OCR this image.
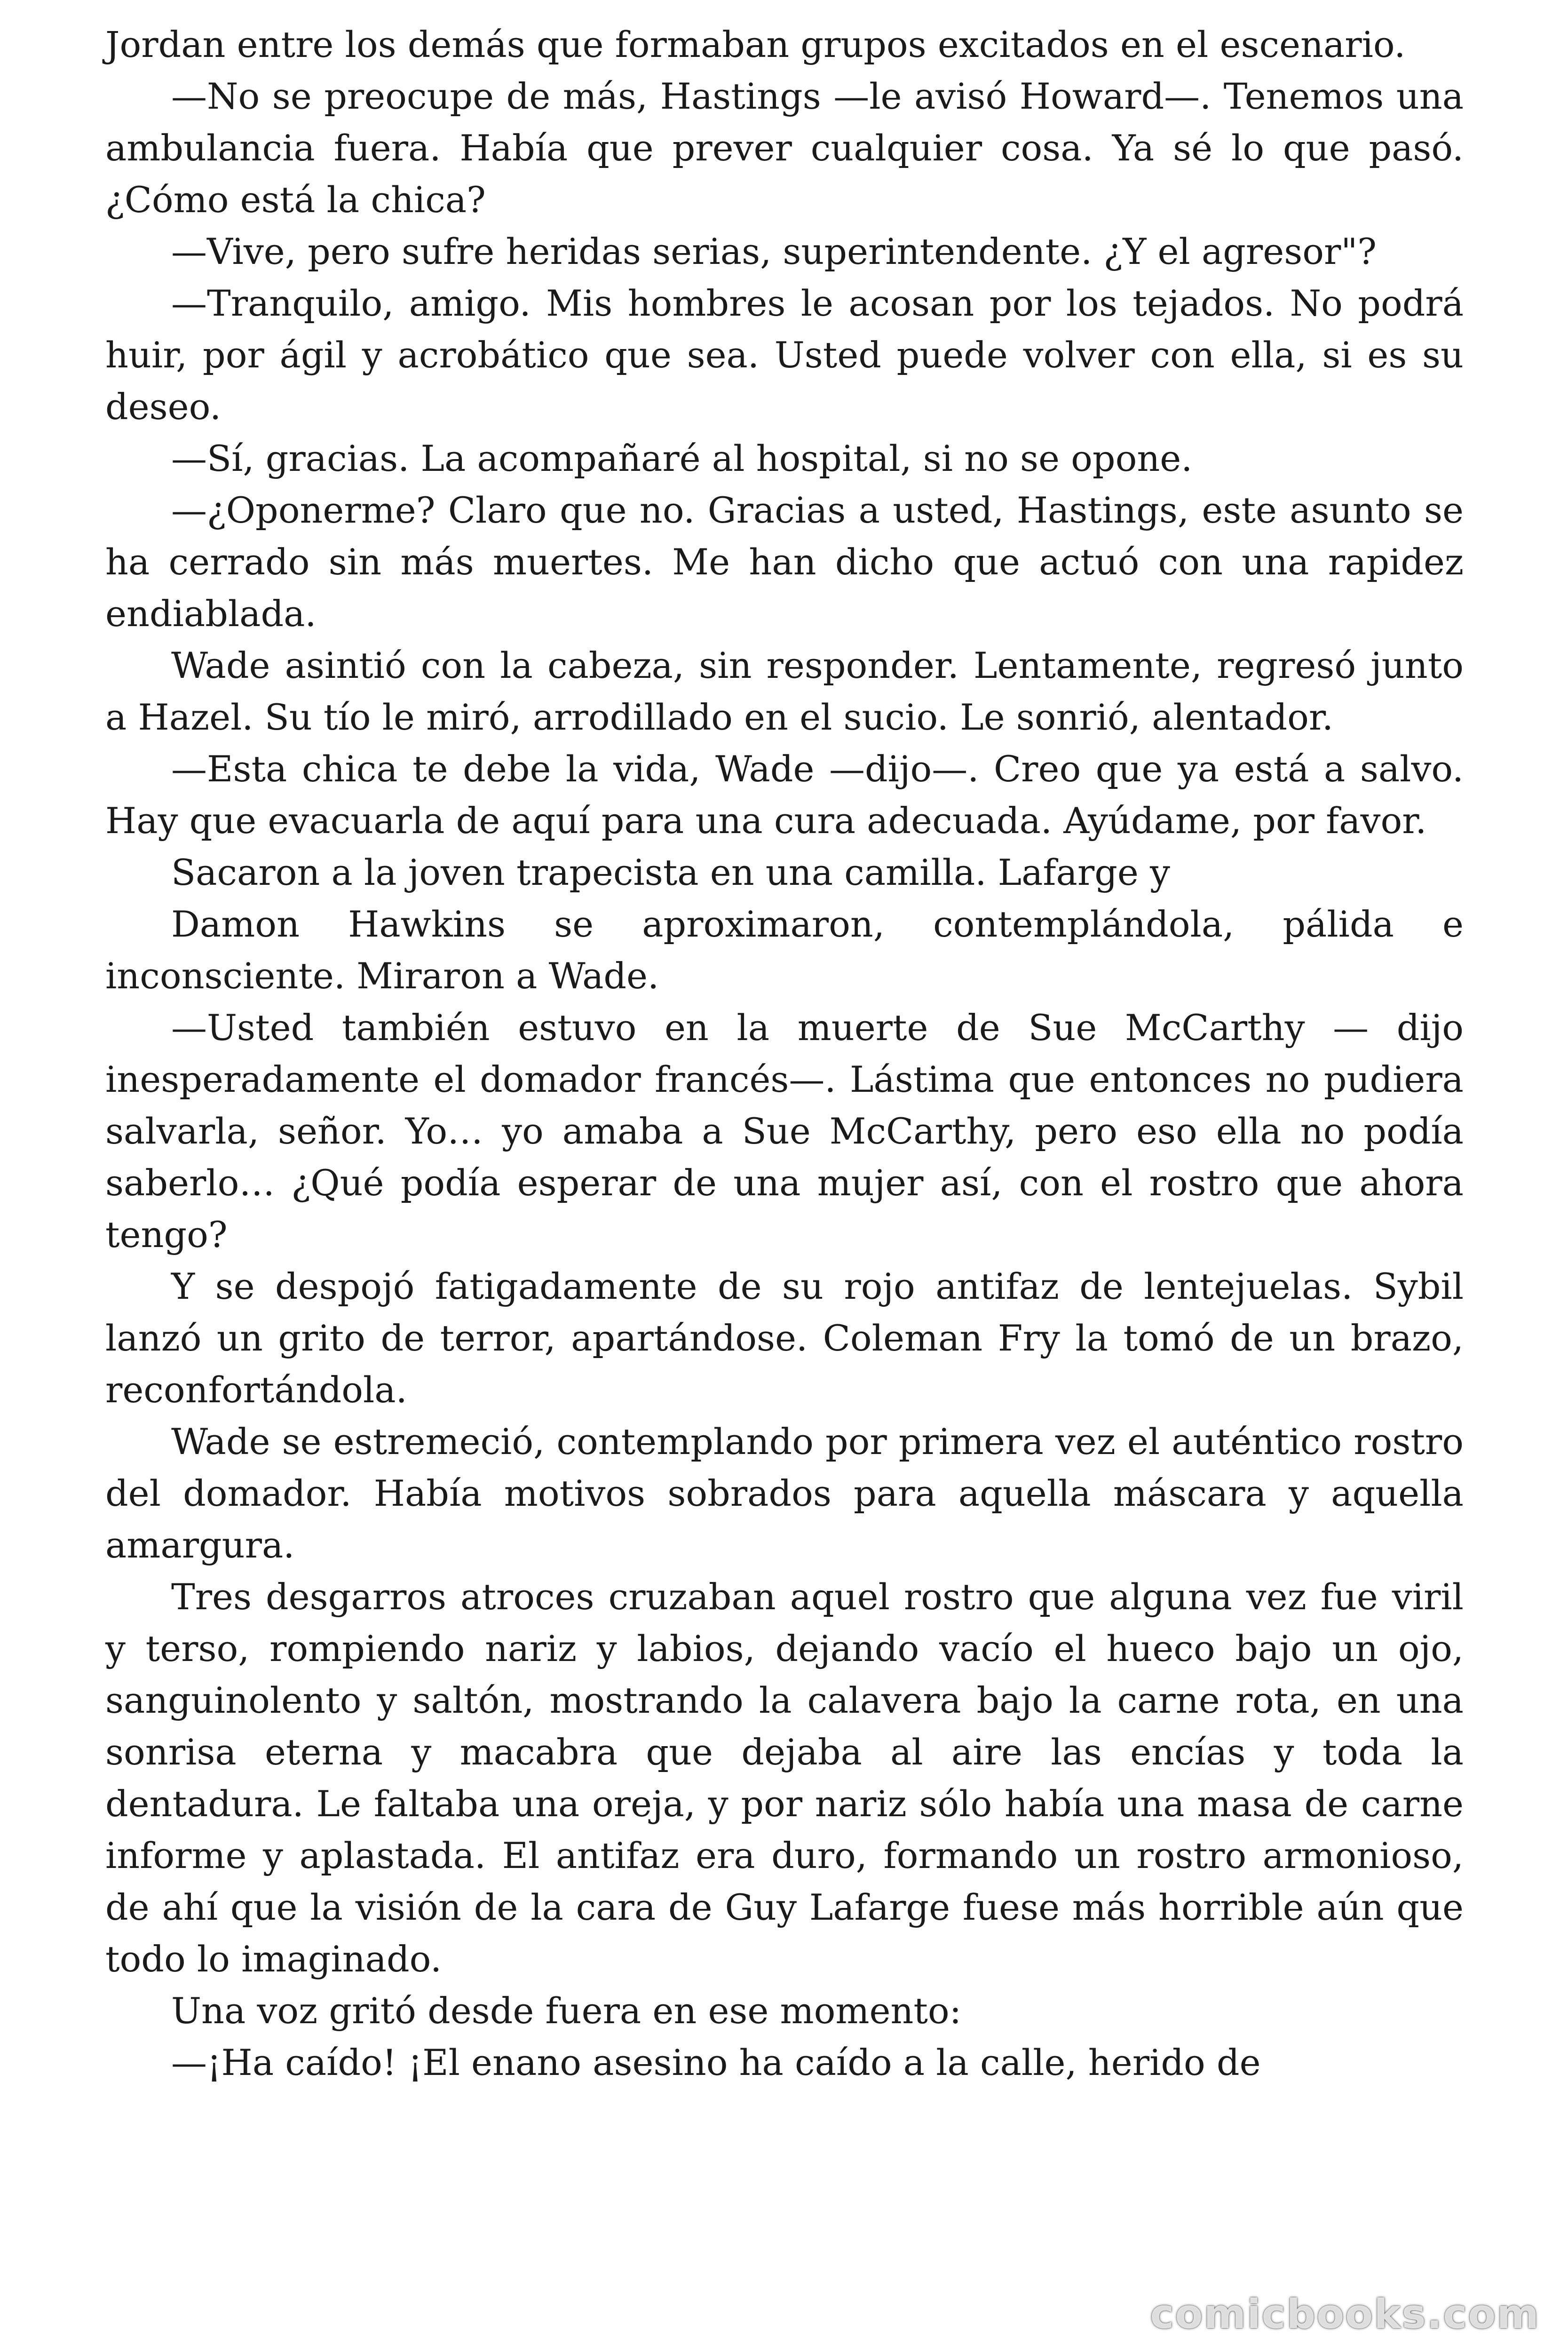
Jordan entre los demás que formaban grupos excitados en el escenario.

—No se preocupe de más, Hastings —le avisó Howard—. Tenemos una ambulancia fuera. Había que prever cualquier cosa. Ya sé lo que pasó. ¿Cómo está la chica?

—Vive, pero sufre heridas serias, superintendente. ¿Y el agresor"?

—Tranquilo, amigo. Mis hombres le acosan por los tejados. No podrá huir, por ágil y acrobático que sea. Usted puede volver con ella, si es su deseo.

—Sí, gracias. La acompañaré al hospital, si no se opone.

—¿Oponerme? Claro que no. Gracias a usted, Hastings, este asunto se ha cerrado sin más muertes. Me han dicho que actuó con una rapidez endiablada.

Wade asintió con la cabeza, sin responder. Lentamente, regresó junto a Hazel. Su tío le miró, arrodillado en el sucio. Le sonrió, alentador.

—Esta chica te debe la vida, Wade —dijo—. Creo que ya está a salvo. Hay que evacuarla de aquí para una cura adecuada. Ayúdame, por favor.

Sacaron a la joven trapecista en una camilla. Lafarge y

Damon Hawkins se aproximaron, contemplándola, pálida e inconsciente. Miraron a Wade.

—Usted también estuvo en la muerte de Sue McCarthy — dijo inesperadamente el domador francés—. Lástima que entonces no pudiera salvarla, señor. Yo… yo amaba a Sue McCarthy, pero eso ella no podía saberlo… ¿Qué podía esperar de una mujer así, con el rostro que ahora tengo?

Y se despojó fatigadamente de su rojo antifaz de lentejuelas. Sybil lanzó un grito de terror, apartándose. Coleman Fry la tomó de un brazo, reconfortándola.

Wade se estremeció, contemplando por primera vez el auténtico rostro del domador. Había motivos sobrados para aquella máscara y aquella amargura.

Tres desgarros atroces cruzaban aquel rostro que alguna vez fue viril y terso, rompiendo nariz y labios, dejando vacío el hueco bajo un ojo, sanguinolento y saltón, mostrando la calavera bajo la carne rota, en una sonrisa eterna y macabra que dejaba al aire las encías y toda la dentadura. Le faltaba una oreja, y por nariz sólo había una masa de carne informe y aplastada. El antifaz era duro, formando un rostro armonioso, de ahí que la visión de la cara de Guy Lafarge fuese más horrible aún que todo lo imaginado.

Una voz gritó desde fuera en ese momento:

—¡Ha caído! ¡El enano asesino ha caído a la calle, herido de

comicbooks.com
